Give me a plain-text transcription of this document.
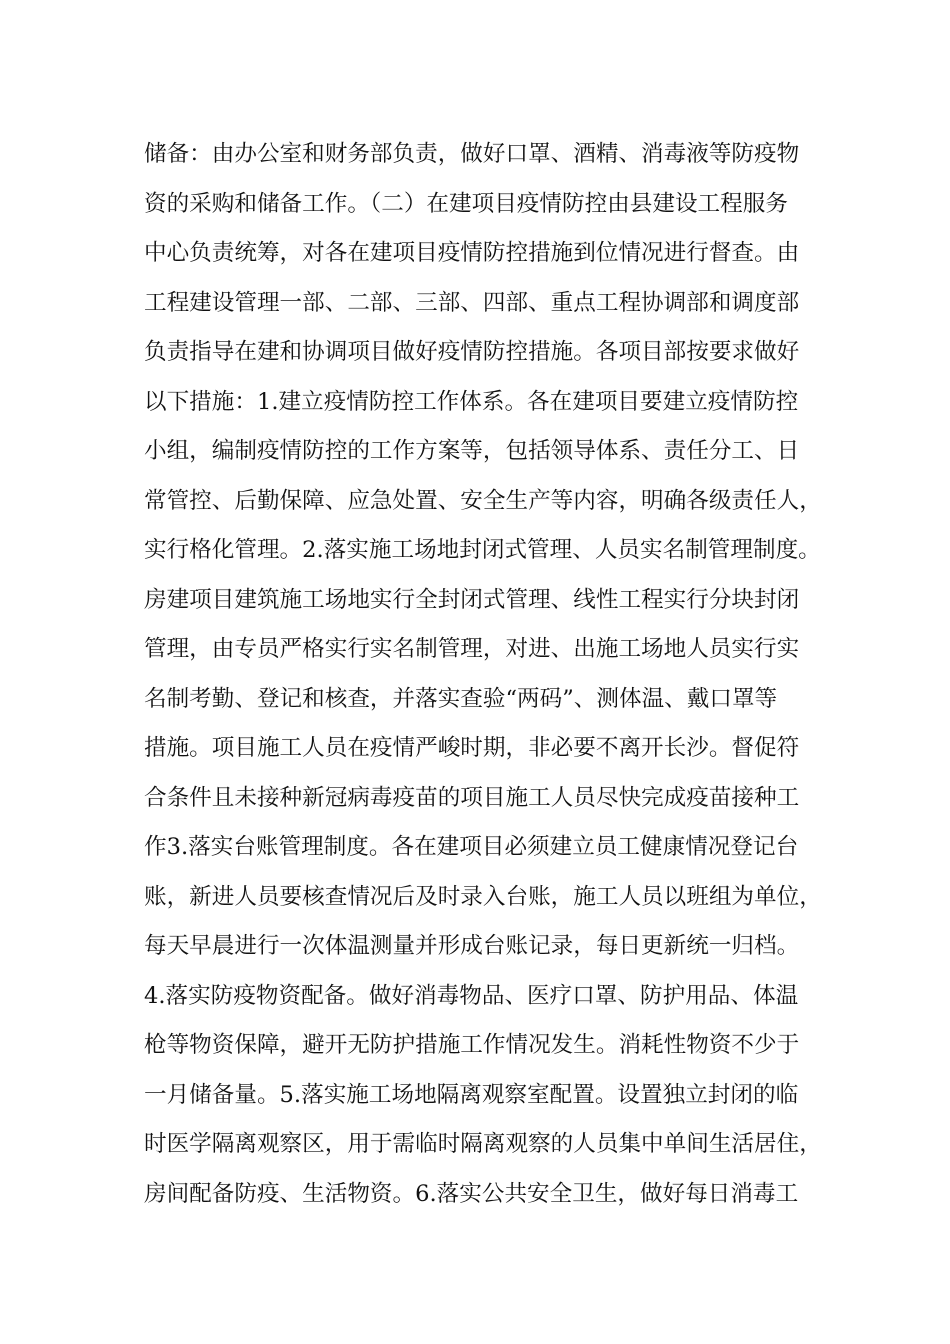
储备：由办公室和财务部负责，做好口罩、酒精、消毒液等防疫物
资的采购和储备工作。（二）在建项目疫情防控由县建设工程服务
中心负责统筹，对各在建项目疫情防控措施到位情况进行督查。由
工程建设管理一部、二部、三部、四部、重点工程协调部和调度部
负责指导在建和协调项目做好疫情防控措施。各项目部按要求做好
以下措施：1.建立疫情防控工作体系。各在建项目要建立疫情防控
小组，编制疫情防控的工作方案等，包括领导体系、责任分工、日
常管控、后勤保障、应急处置、安全生产等内容，明确各级责任人，
实行格化管理。2.落实施工场地封闭式管理、人员实名制管理制度。
房建项目建筑施工场地实行全封闭式管理、线性工程实行分块封闭
管理，由专员严格实行实名制管理，对进、出施工场地人员实行实
名制考勤、登记和核查，并落实查验“两码”、测体温、戴口罩等
措施。项目施工人员在疫情严峻时期，非必要不离开长沙。督促符
合条件且未接种新冠病毒疫苗的项目施工人员尽快完成疫苗接种工
作3.落实台账管理制度。各在建项目必须建立员工健康情况登记台
账，新进人员要核查情况后及时录入台账，施工人员以班组为单位，
每天早晨进行一次体温测量并形成台账记录，每日更新统一归档。
4.落实防疫物资配备。做好消毒物品、医疗口罩、防护用品、体温
枪等物资保障，避开无防护措施工作情况发生。消耗性物资不少于
一月储备量。5.落实施工场地隔离观察室配置。设置独立封闭的临
时医学隔离观察区，用于需临时隔离观察的人员集中单间生活居住，
房间配备防疫、生活物资。6.落实公共安全卫生，做好每日消毒工
